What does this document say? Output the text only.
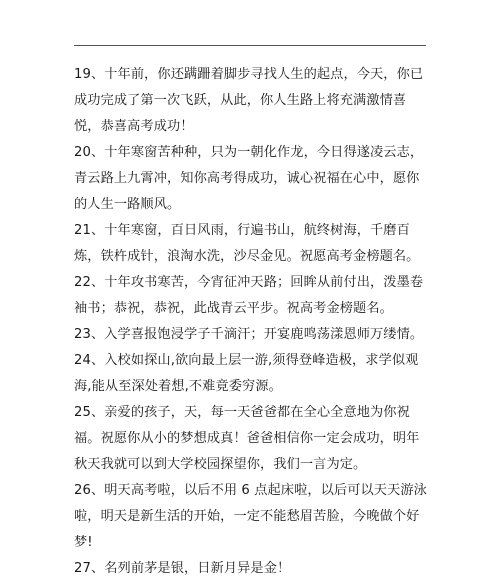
19、十年前，你还蹒跚着脚步寻找人生的起点，今天，你已成功完成了第一次飞跃，从此，你人生路上将充满激情喜悦，恭喜高考成功！

20、十年寒窗苦种种，只为一朝化作龙，今日得遂凌云志，青云路上九霄冲，知你高考得成功，诚心祝福在心中，愿你的人生一路顺风。

21、十年寒窗，百日风雨，行遍书山，航终树海，千磨百炼，铁杵成针，浪淘水洗，沙尽金见。祝愿高考金榜题名。

22、十年攻书寒苦，今宵征冲天路；回眸从前付出，泼墨卷袖书；恭祝，恭祝，此战青云平步。祝高考金榜题名。

23、入学喜报饱浸学子千滴汗；开宴鹿鸣荡漾恩师万缕情。

24、入校如探山,欲向最上层一游,须得登峰造极，求学似观海,能从至深处着想,不难竟委穷源。

25、亲爱的孩子，天，每一天爸爸都在全心全意地为你祝福。祝愿你从小的梦想成真！爸爸相信你一定会成功，明年秋天我就可以到大学校园探望你，我们一言为定。

26、明天高考啦，以后不用 6 点起床啦，以后可以天天游泳啦，明天是新生活的开始，一定不能愁眉苦脸，今晚做个好梦!

27、名列前茅是银，日新月异是金！
